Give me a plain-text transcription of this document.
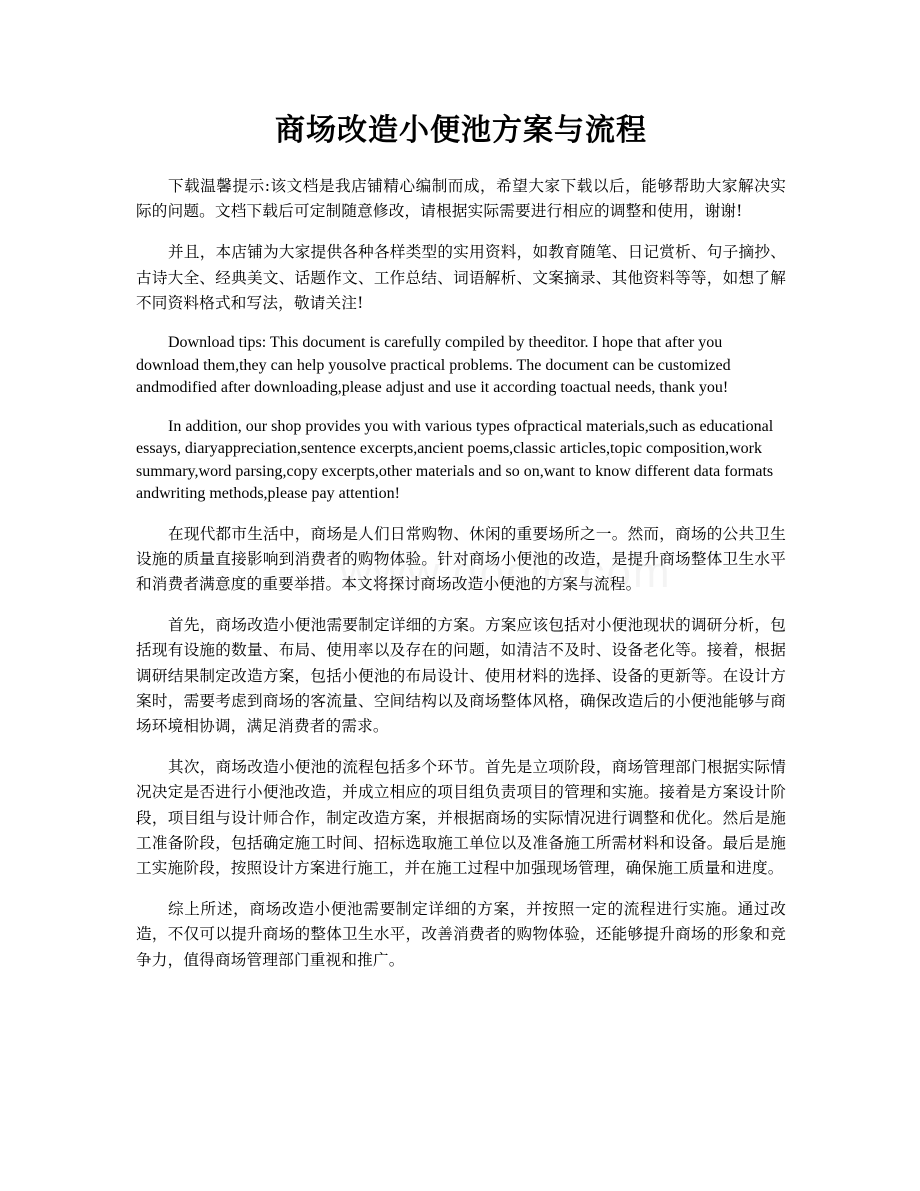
商场改造小便池方案与流程

下载温馨提示:该文档是我店铺精心编制而成，希望大家下载以后，能够帮助大家解决实际的问题。文档下载后可定制随意修改，请根据实际需要进行相应的调整和使用，谢谢!

并且，本店铺为大家提供各种各样类型的实用资料，如教育随笔、日记赏析、句子摘抄、古诗大全、经典美文、话题作文、工作总结、词语解析、文案摘录、其他资料等等，如想了解不同资料格式和写法，敬请关注!

Download tips: This document is carefully compiled by theeditor. I hope that after you download them,they can help yousolve practical problems. The document can be customized andmodified after downloading,please adjust and use it according toactual needs, thank you!

In addition, our shop provides you with various types ofpractical materials,such as educational essays, diaryappreciation,sentence excerpts,ancient poems,classic articles,topic composition,work summary,word parsing,copy excerpts,other materials and so on,want to know different data formats andwriting methods,please pay attention!

在现代都市生活中，商场是人们日常购物、休闲的重要场所之一。然而，商场的公共卫生设施的质量直接影响到消费者的购物体验。针对商场小便池的改造，是提升商场整体卫生水平和消费者满意度的重要举措。本文将探讨商场改造小便池的方案与流程。

首先，商场改造小便池需要制定详细的方案。方案应该包括对小便池现状的调研分析，包括现有设施的数量、布局、使用率以及存在的问题，如清洁不及时、设备老化等。接着，根据调研结果制定改造方案，包括小便池的布局设计、使用材料的选择、设备的更新等。在设计方案时，需要考虑到商场的客流量、空间结构以及商场整体风格，确保改造后的小便池能够与商场环境相协调，满足消费者的需求。

其次，商场改造小便池的流程包括多个环节。首先是立项阶段，商场管理部门根据实际情况决定是否进行小便池改造，并成立相应的项目组负责项目的管理和实施。接着是方案设计阶段，项目组与设计师合作，制定改造方案，并根据商场的实际情况进行调整和优化。然后是施工准备阶段，包括确定施工时间、招标选取施工单位以及准备施工所需材料和设备。最后是施工实施阶段，按照设计方案进行施工，并在施工过程中加强现场管理，确保施工质量和进度。

综上所述，商场改造小便池需要制定详细的方案，并按照一定的流程进行实施。通过改造，不仅可以提升商场的整体卫生水平，改善消费者的购物体验，还能够提升商场的形象和竞争力，值得商场管理部门重视和推广。
